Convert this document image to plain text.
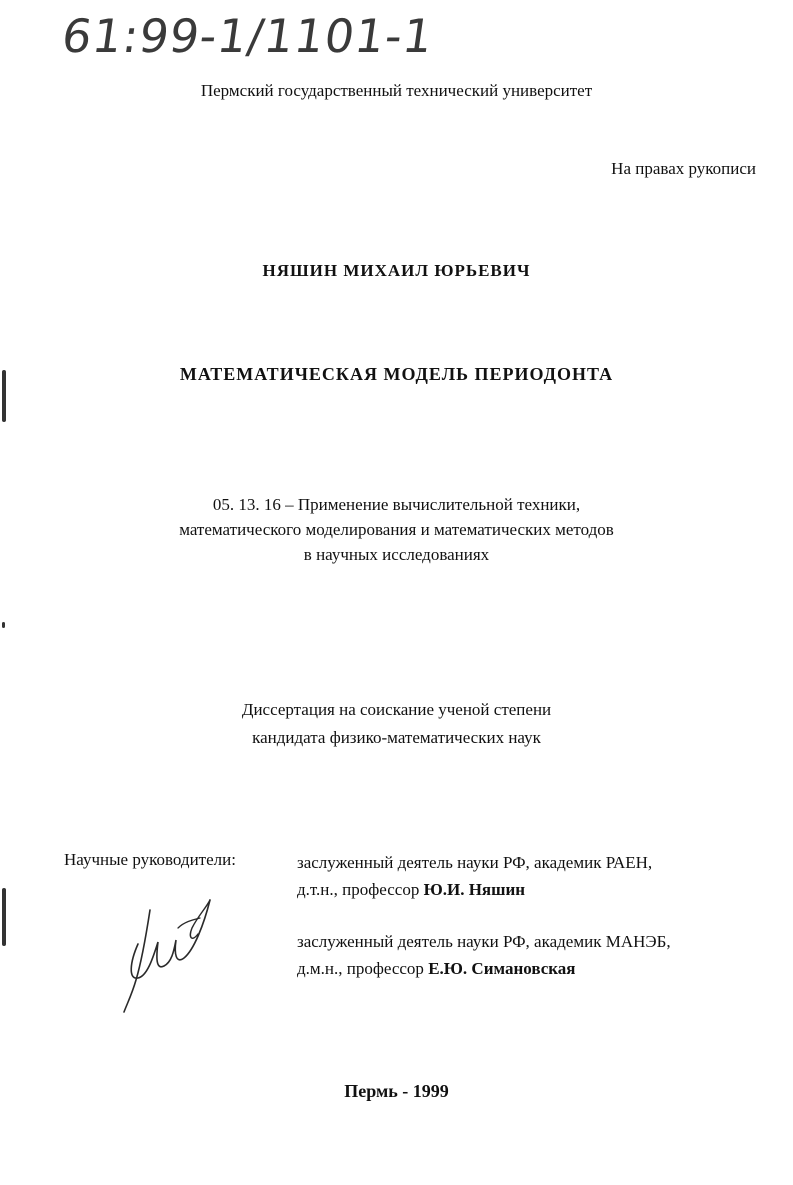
61:99-1/1101-1
Пермский государственный технический университет
На правах рукописи
НЯШИН МИХАИЛ ЮРЬЕВИЧ
МАТЕМАТИЧЕСКАЯ МОДЕЛЬ ПЕРИОДОНТА
05. 13. 16 – Применение вычислительной техники,
математического моделирования и математических методов
в научных исследованиях
Диссертация на соискание ученой степени
кандидата физико-математических наук
Научные руководители:	заслуженный деятель науки РФ, академик РАЕН,
д.т.н., профессор Ю.И. Няшин
заслуженный деятель науки РФ, академик МАНЭБ,
д.м.н., профессор Е.Ю. Симановская
Пермь - 1999
